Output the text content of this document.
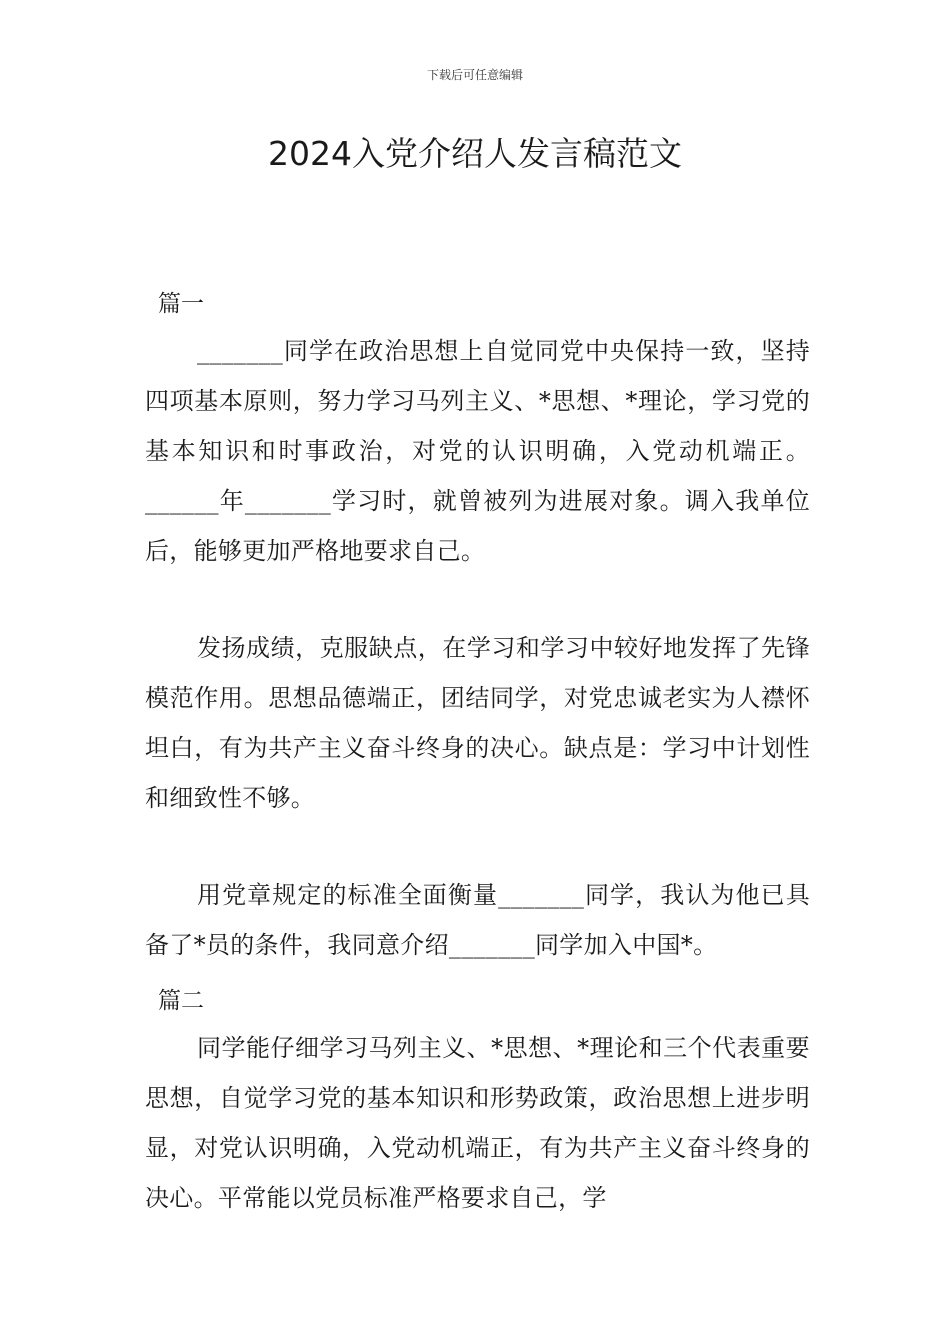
下载后可任意编辑
2024入党介绍人发言稿范文
篇一

_______同学在政治思想上自觉同党中央保持一致，坚持四项基本原则，努力学习马列主义、*思想、*理论，学习党的基本知识和时事政治，对党的认识明确，入党动机端正。______年_______学习时，就曾被列为进展对象。调入我单位后，能够更加严格地要求自己。

发扬成绩，克服缺点，在学习和学习中较好地发挥了先锋模范作用。思想品德端正，团结同学，对党忠诚老实为人襟怀坦白，有为共产主义奋斗终身的决心。缺点是：学习中计划性和细致性不够。

用党章规定的标准全面衡量_______同学，我认为他已具备了*员的条件，我同意介绍_______同学加入中国*。

篇二

同学能仔细学习马列主义、*思想、*理论和三个代表重要思想，自觉学习党的基本知识和形势政策，政治思想上进步明显，对党认识明确，入党动机端正，有为共产主义奋斗终身的决心。平常能以党员标准严格要求自己，学
